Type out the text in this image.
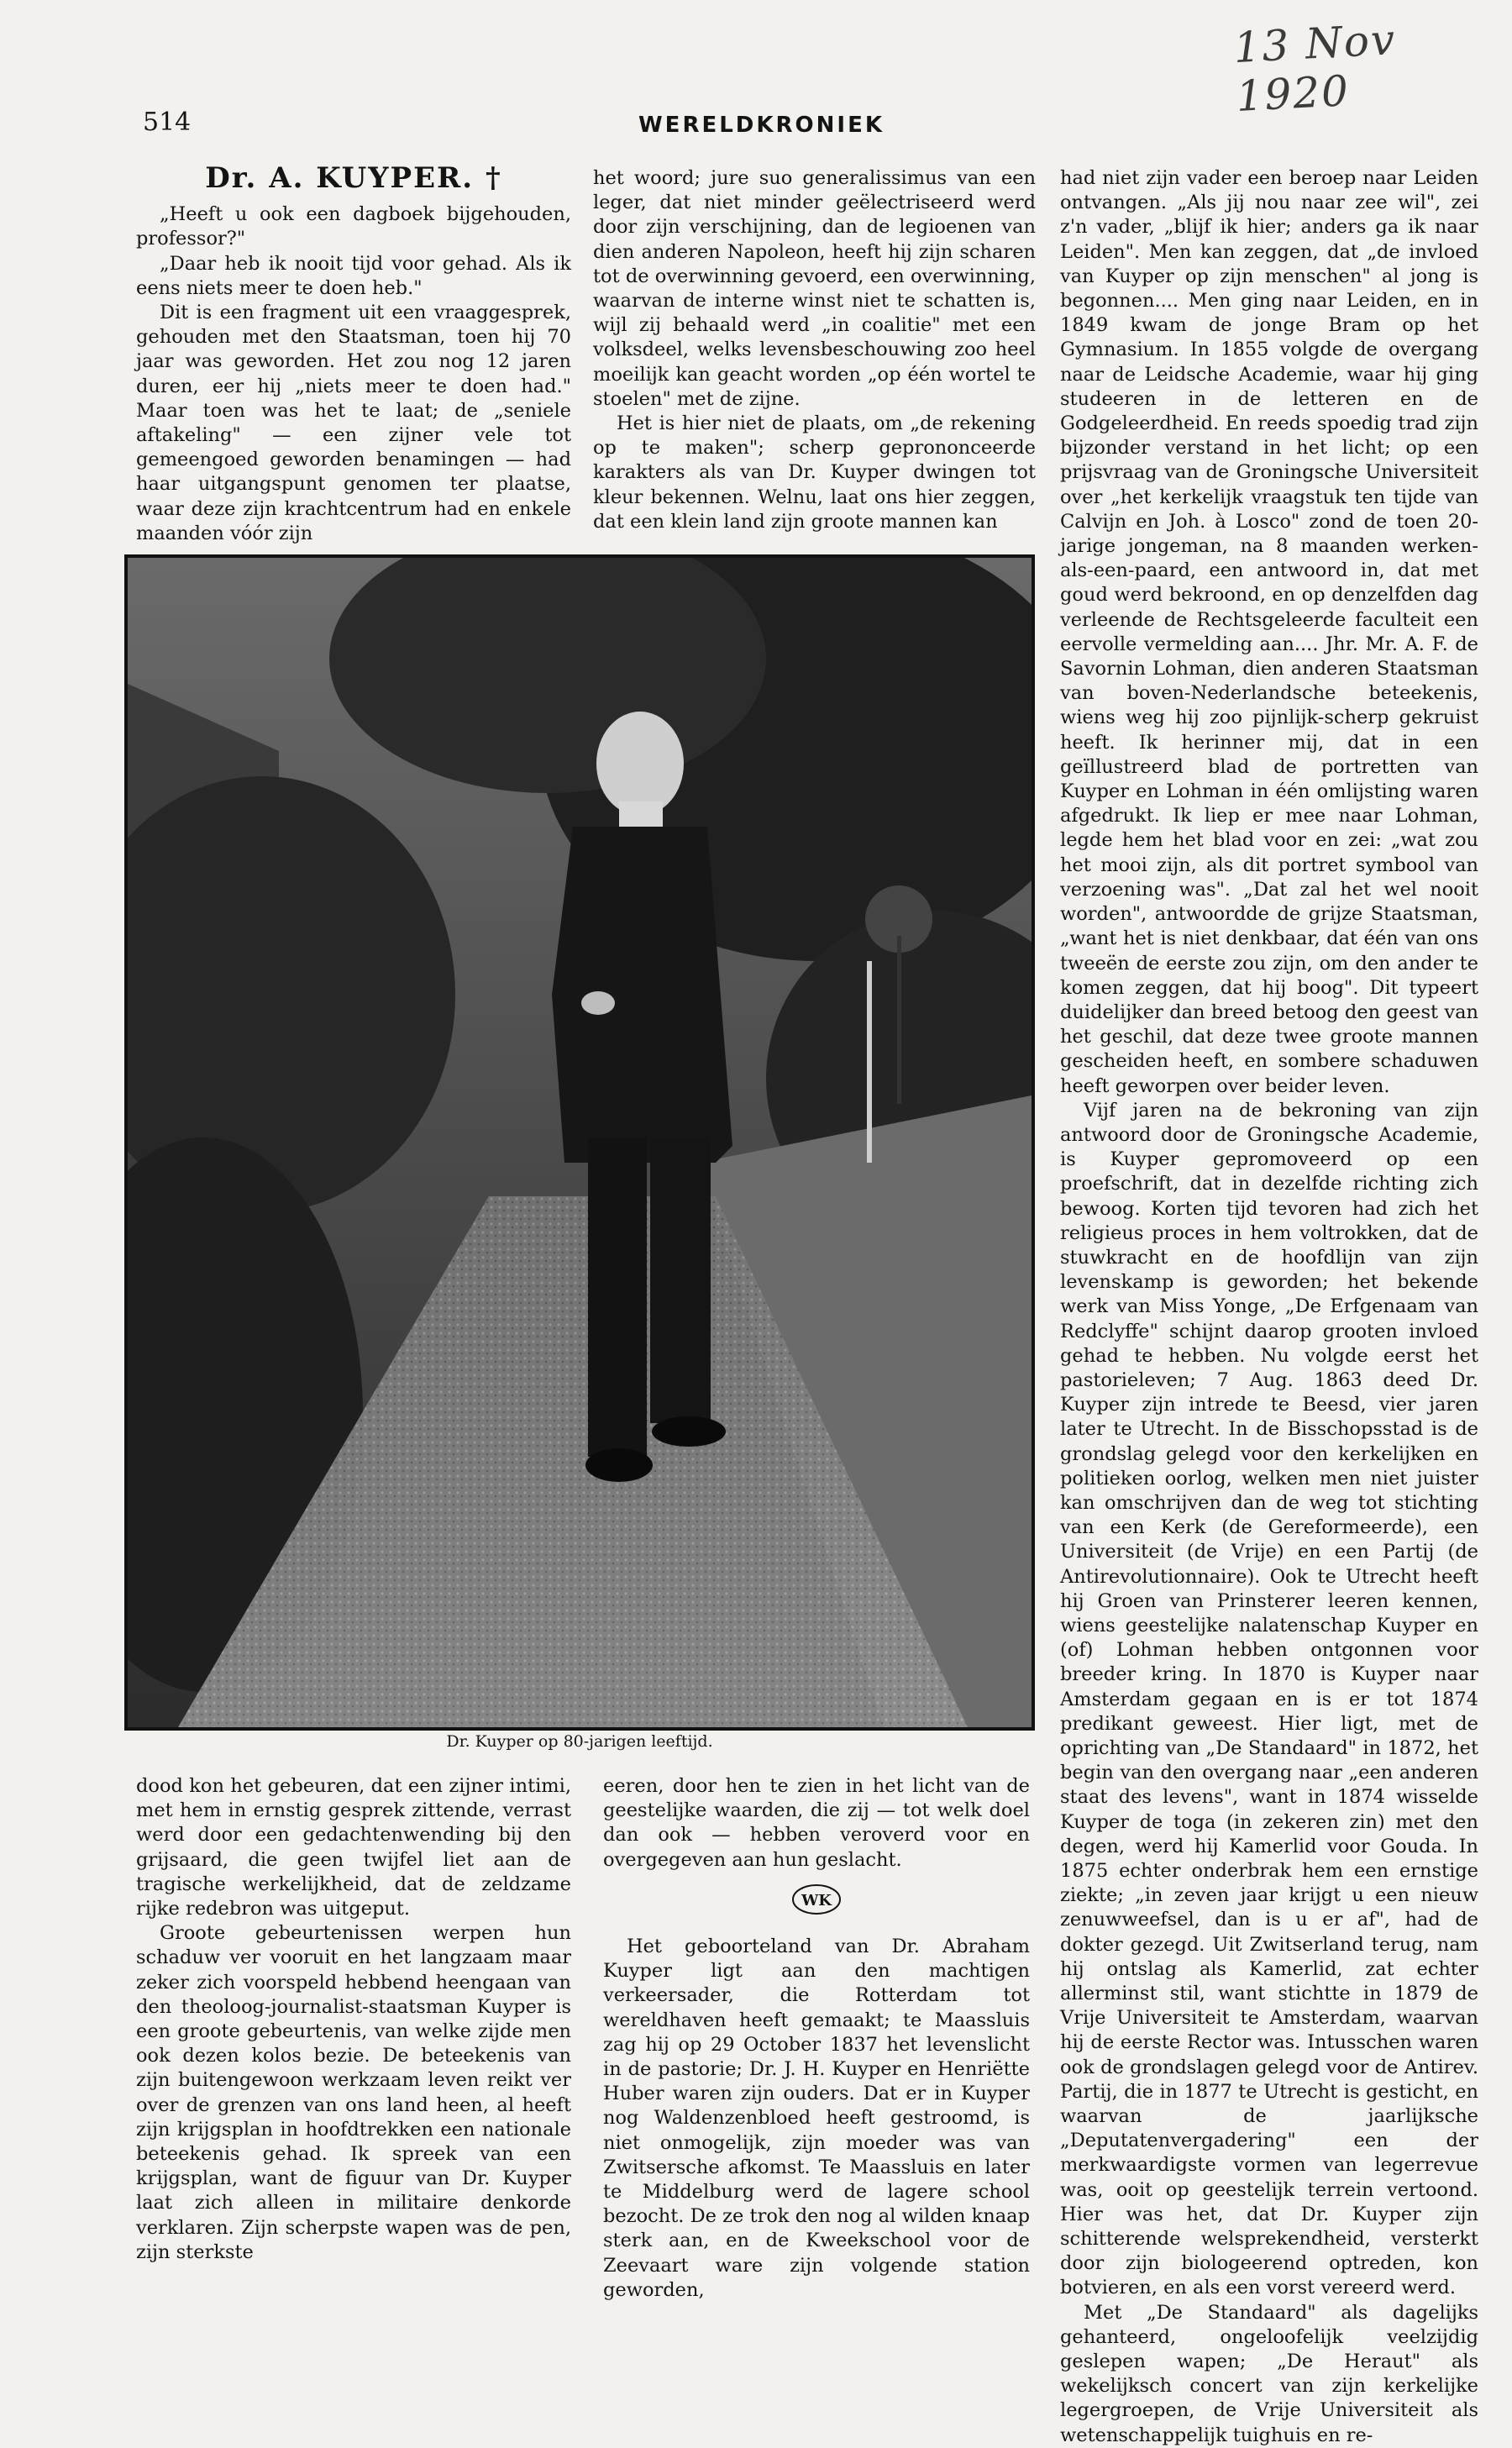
13 Nov 1920
514	WERELDKRONIEK
Dr. A. KUYPER. †

„Heeft u ook een dagboek bijgehouden, professor?"

„Daar heb ik nooit tijd voor gehad. Als ik eens niets meer te doen heb."

Dit is een fragment uit een vraaggesprek, gehouden met den Staatsman, toen hij 70 jaar was geworden. Het zou nog 12 jaren duren, eer hij „niets meer te doen had." Maar toen was het te laat; de „seniele aftakeling" — een zijner vele tot gemeengoed geworden benamingen — had haar uitgangspunt genomen ter plaatse, waar deze zijn krachtcentrum had en enkele maanden vóór zijn

het woord; jure suo generalissimus van een leger, dat niet minder geëlectriseerd werd door zijn verschijning, dan de legioenen van dien anderen Napoleon, heeft hij zijn scharen tot de overwinning gevoerd, een overwinning, waarvan de interne winst niet te schatten is, wijl zij behaald werd „in coalitie" met een volksdeel, welks levensbeschouwing zoo heel moeilijk kan geacht worden „op één wortel te stoelen" met de zijne.

Het is hier niet de plaats, om „de rekening op te maken"; scherp geprononceerde karakters als van Dr. Kuyper dwingen tot kleur bekennen. Welnu, laat ons hier zeggen, dat een klein land zijn groote mannen kan

Dr. Kuyper op 80-jarigen leeftijd.

dood kon het gebeuren, dat een zijner intimi, met hem in ernstig gesprek zittende, verrast werd door een gedachtenwending bij den grijsaard, die geen twijfel liet aan de tragische werkelijkheid, dat de zeldzame rijke redebron was uitgeput.

Groote gebeurtenissen werpen hun schaduw ver vooruit en het langzaam maar zeker zich voorspeld hebbend heengaan van den theoloog-journalist-staatsman Kuyper is een groote gebeurtenis, van welke zijde men ook dezen kolos bezie. De beteekenis van zijn buitengewoon werkzaam leven reikt ver over de grenzen van ons land heen, al heeft zijn krijgsplan in hoofdtrekken een nationale beteekenis gehad. Ik spreek van een krijgsplan, want de figuur van Dr. Kuyper laat zich alleen in militaire denkorde verklaren. Zijn scherpste wapen was de pen, zijn sterkste

eeren, door hen te zien in het licht van de geestelijke waarden, die zij — tot welk doel dan ook — hebben veroverd voor en overgegeven aan hun geslacht.

WK

Het geboorteland van Dr. Abraham Kuyper ligt aan den machtigen verkeersader, die Rotterdam tot wereldhaven heeft gemaakt; te Maassluis zag hij op 29 October 1837 het levenslicht in de pastorie; Dr. J. H. Kuyper en Henriëtte Huber waren zijn ouders. Dat er in Kuyper nog Waldenzenbloed heeft gestroomd, is niet onmogelijk, zijn moeder was van Zwitsersche afkomst. Te Maassluis en later te Middelburg werd de lagere school bezocht. De ze trok den nog al wilden knaap sterk aan, en de Kweekschool voor de Zeevaart ware zijn volgende station geworden,

had niet zijn vader een beroep naar Leiden ontvangen. „Als jij nou naar zee wil", zei z'n vader, „blijf ik hier; anders ga ik naar Leiden". Men kan zeggen, dat „de invloed van Kuyper op zijn menschen" al jong is begonnen.... Men ging naar Leiden, en in 1849 kwam de jonge Bram op het Gymnasium. In 1855 volgde de overgang naar de Leidsche Academie, waar hij ging studeeren in de letteren en de Godgeleerdheid. En reeds spoedig trad zijn bijzonder verstand in het licht; op een prijsvraag van de Groningsche Universiteit over „het kerkelijk vraagstuk ten tijde van Calvijn en Joh. à Losco" zond de toen 20-jarige jongeman, na 8 maanden werken-als-een-paard, een antwoord in, dat met goud werd bekroond, en op denzelfden dag verleende de Rechtsgeleerde faculteit een eervolle vermelding aan.... Jhr. Mr. A. F. de Savornin Lohman, dien anderen Staatsman van boven-Nederlandsche beteekenis, wiens weg hij zoo pijnlijk-scherp gekruist heeft. Ik herinner mij, dat in een geïllustreerd blad de portretten van Kuyper en Lohman in één omlijsting waren afgedrukt. Ik liep er mee naar Lohman, legde hem het blad voor en zei: „wat zou het mooi zijn, als dit portret symbool van verzoening was". „Dat zal het wel nooit worden", antwoordde de grijze Staatsman, „want het is niet denkbaar, dat één van ons tweeën de eerste zou zijn, om den ander te komen zeggen, dat hij boog". Dit typeert duidelijker dan breed betoog den geest van het geschil, dat deze twee groote mannen gescheiden heeft, en sombere schaduwen heeft geworpen over beider leven.

Vijf jaren na de bekroning van zijn antwoord door de Groningsche Academie, is Kuyper gepromoveerd op een proefschrift, dat in dezelfde richting zich bewoog. Korten tijd tevoren had zich het religieus proces in hem voltrokken, dat de stuwkracht en de hoofdlijn van zijn levenskamp is geworden; het bekende werk van Miss Yonge, „De Erfgenaam van Redclyffe" schijnt daarop grooten invloed gehad te hebben. Nu volgde eerst het pastorieleven; 7 Aug. 1863 deed Dr. Kuyper zijn intrede te Beesd, vier jaren later te Utrecht. In de Bisschopsstad is de grondslag gelegd voor den kerkelijken en politieken oorlog, welken men niet juister kan omschrijven dan de weg tot stichting van een Kerk (de Gereformeerde), een Universiteit (de Vrije) en een Partij (de Antirevolutionnaire). Ook te Utrecht heeft hij Groen van Prinsterer leeren kennen, wiens geestelijke nalatenschap Kuyper en (of) Lohman hebben ontgonnen voor breeder kring. In 1870 is Kuyper naar Amsterdam gegaan en is er tot 1874 predikant geweest. Hier ligt, met de oprichting van „De Standaard" in 1872, het begin van den overgang naar „een anderen staat des levens", want in 1874 wisselde Kuyper de toga (in zekeren zin) met den degen, werd hij Kamerlid voor Gouda. In 1875 echter onderbrak hem een ernstige ziekte; „in zeven jaar krijgt u een nieuw zenuwweefsel, dan is u er af", had de dokter gezegd. Uit Zwitserland terug, nam hij ontslag als Kamerlid, zat echter allerminst stil, want stichtte in 1879 de Vrije Universiteit te Amsterdam, waarvan hij de eerste Rector was. Intusschen waren ook de grondslagen gelegd voor de Antirev. Partij, die in 1877 te Utrecht is gesticht, en waarvan de jaarlijksche „Deputatenvergadering" een der merkwaardigste vormen van legerrevue was, ooit op geestelijk terrein vertoond. Hier was het, dat Dr. Kuyper zijn schitterende welsprekendheid, versterkt door zijn biologeerend optreden, kon botvieren, en als een vorst vereerd werd.

Met „De Standaard" als dagelijks gehanteerd, ongeloofelijk veelzijdig geslepen wapen; „De Heraut" als wekelijksch concert van zijn kerkelijke legergroepen, de Vrije Universiteit als wetenschappelijk tuighuis en re-
